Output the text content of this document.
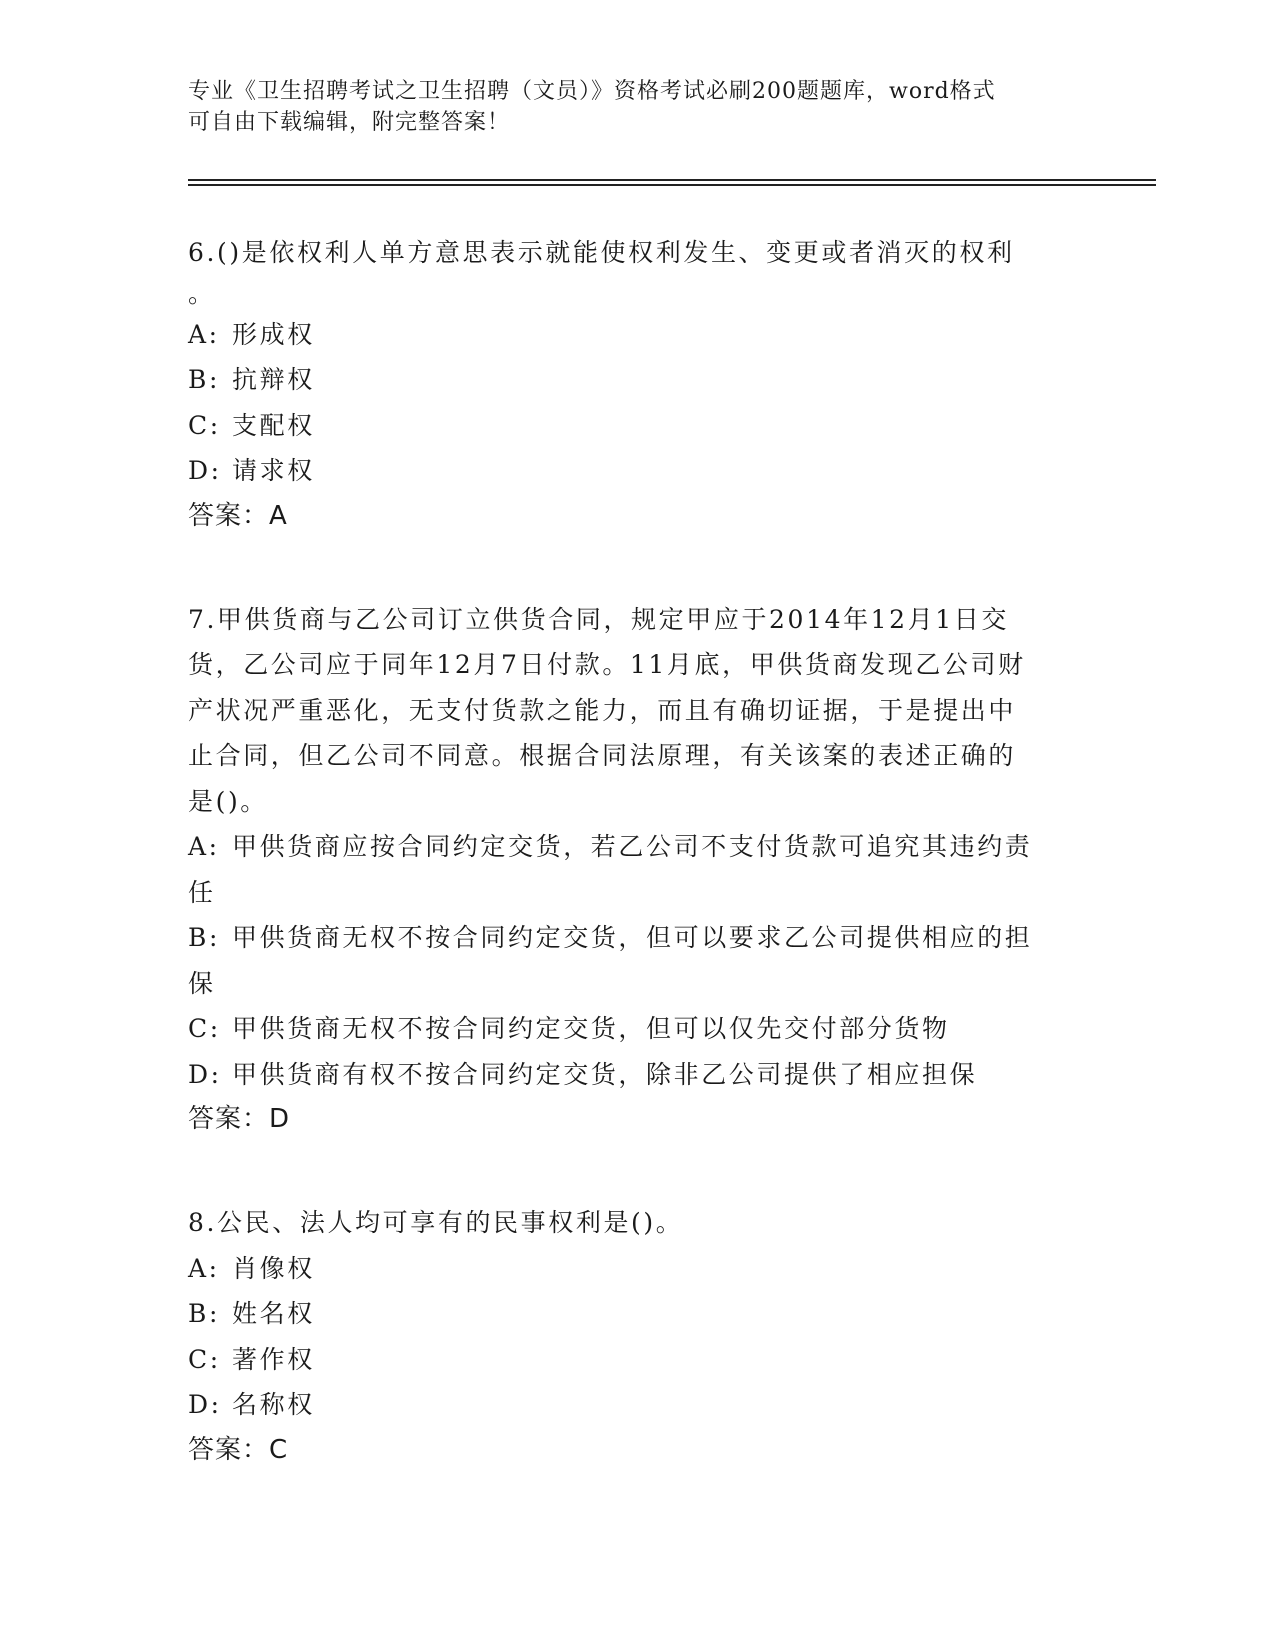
专业《卫生招聘考试之卫生招聘（文员）》资格考试必刷200题题库，word格式
可自由下载编辑，附完整答案！

6.()是依权利人单方意思表示就能使权利发生、变更或者消灭的权利

。

A: 形成权

B: 抗辩权

C: 支配权

D: 请求权

答案：A

7.甲供货商与乙公司订立供货合同，规定甲应于2014年12月1日交

货，乙公司应于同年12月7日付款。11月底，甲供货商发现乙公司财

产状况严重恶化，无支付货款之能力，而且有确切证据，于是提出中

止合同，但乙公司不同意。根据合同法原理，有关该案的表述正确的

是()。

A: 甲供货商应按合同约定交货，若乙公司不支付货款可追究其违约责

任

B: 甲供货商无权不按合同约定交货，但可以要求乙公司提供相应的担

保

C: 甲供货商无权不按合同约定交货，但可以仅先交付部分货物

D: 甲供货商有权不按合同约定交货，除非乙公司提供了相应担保

答案：D

8.公民、法人均可享有的民事权利是()。

A: 肖像权

B: 姓名权

C: 著作权

D: 名称权

答案：C
